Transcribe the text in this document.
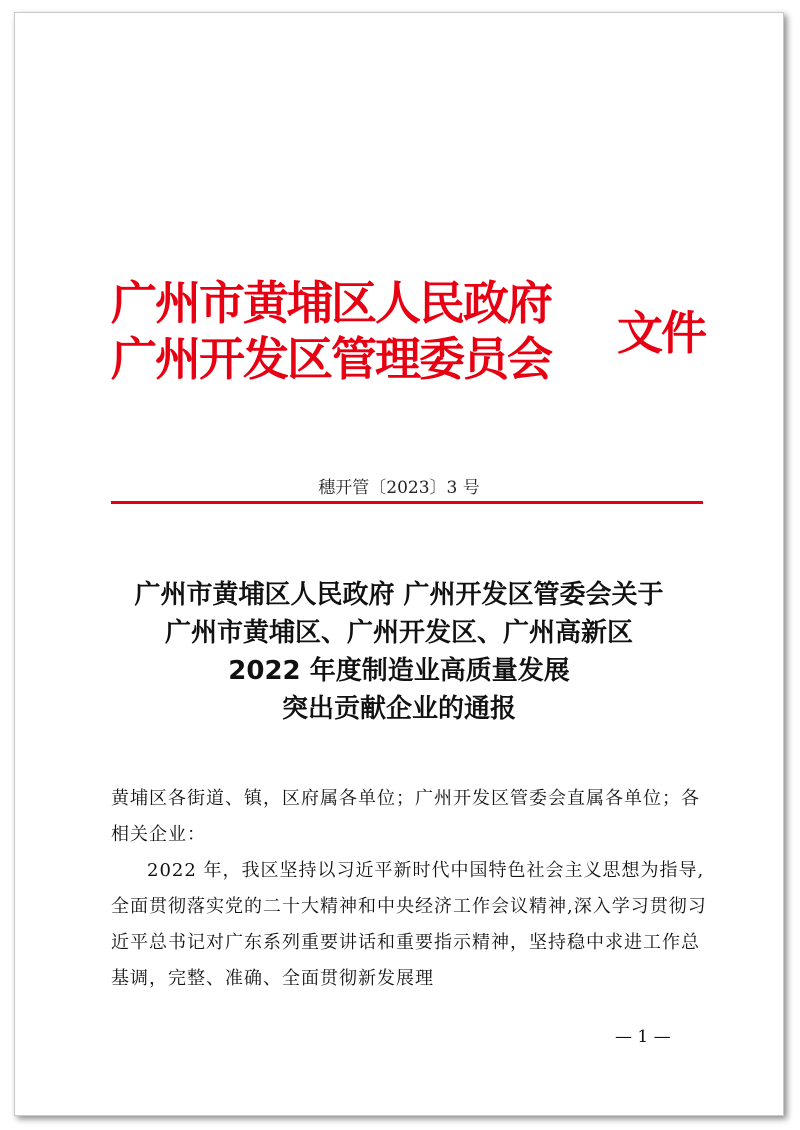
广州市黄埔区人民政府
广州开发区管理委员会 文件
穗开管〔2023〕3 号
广州市黄埔区人民政府 广州开发区管委会关于
广州市黄埔区、广州开发区、广州高新区
2022 年度制造业高质量发展
突出贡献企业的通报

黄埔区各街道、镇，区府属各单位；广州开发区管委会直属各单位；各相关企业：

2022 年，我区坚持以习近平新时代中国特色社会主义思想为指导,全面贯彻落实党的二十大精神和中央经济工作会议精神,深入学习贯彻习近平总书记对广东系列重要讲话和重要指示精神，坚持稳中求进工作总基调，完整、准确、全面贯彻新发展理

— 1 —
